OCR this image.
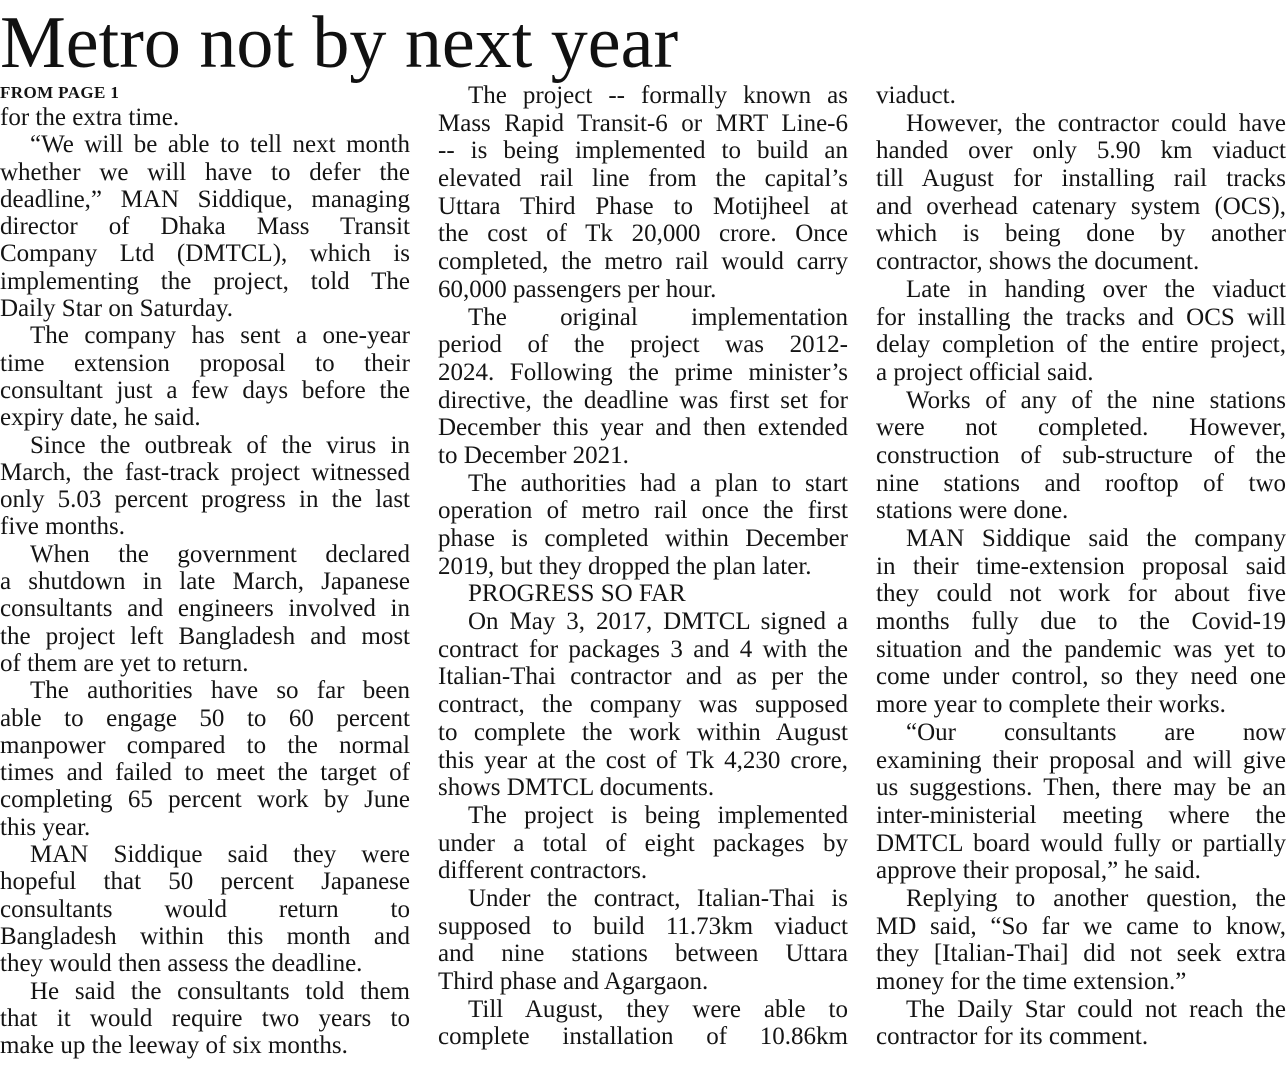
Metro not by next year
FROM PAGE 1
for the extra time.
“We will be able to tell next month
whether we will have to defer the
deadline,” MAN Siddique, managing
director of Dhaka Mass Transit
Company Ltd (DMTCL), which is
implementing the project, told The
Daily Star on Saturday.
The company has sent a one-year
time extension proposal to their
consultant just a few days before the
expiry date, he said.
Since the outbreak of the virus in
March, the fast-track project witnessed
only 5.03 percent progress in the last
five months.
When the government declared
a shutdown in late March, Japanese
consultants and engineers involved in
the project left Bangladesh and most
of them are yet to return.
The authorities have so far been
able to engage 50 to 60 percent
manpower compared to the normal
times and failed to meet the target of
completing 65 percent work by June
this year.
MAN Siddique said they were
hopeful that 50 percent Japanese
consultants would return to
Bangladesh within this month and
they would then assess the deadline.
He said the consultants told them
that it would require two years to
make up the leeway of six months.
The project -- formally known as
Mass Rapid Transit-6 or MRT Line-6
-- is being implemented to build an
elevated rail line from the capital’s
Uttara Third Phase to Motijheel at
the cost of Tk 20,000 crore. Once
completed, the metro rail would carry
60,000 passengers per hour.
The original implementation
period of the project was 2012-
2024. Following the prime minister’s
directive, the deadline was first set for
December this year and then extended
to December 2021.
The authorities had a plan to start
operation of metro rail once the first
phase is completed within December
2019, but they dropped the plan later.
PROGRESS SO FAR
On May 3, 2017, DMTCL signed a
contract for packages 3 and 4 with the
Italian-Thai contractor and as per the
contract, the company was supposed
to complete the work within August
this year at the cost of Tk 4,230 crore,
shows DMTCL documents.
The project is being implemented
under a total of eight packages by
different contractors.
Under the contract, Italian-Thai is
supposed to build 11.73km viaduct
and nine stations between Uttara
Third phase and Agargaon.
Till August, they were able to
complete installation of 10.86km
viaduct.
However, the contractor could have
handed over only 5.90 km viaduct
till August for installing rail tracks
and overhead catenary system (OCS),
which is being done by another
contractor, shows the document.
Late in handing over the viaduct
for installing the tracks and OCS will
delay completion of the entire project,
a project official said.
Works of any of the nine stations
were not completed. However,
construction of sub-structure of the
nine stations and rooftop of two
stations were done.
MAN Siddique said the company
in their time-extension proposal said
they could not work for about five
months fully due to the Covid-19
situation and the pandemic was yet to
come under control, so they need one
more year to complete their works.
“Our consultants are now
examining their proposal and will give
us suggestions. Then, there may be an
inter-ministerial meeting where the
DMTCL board would fully or partially
approve their proposal,” he said.
Replying to another question, the
MD said, “So far we came to know,
they [Italian-Thai] did not seek extra
money for the time extension.”
The Daily Star could not reach the
contractor for its comment.
